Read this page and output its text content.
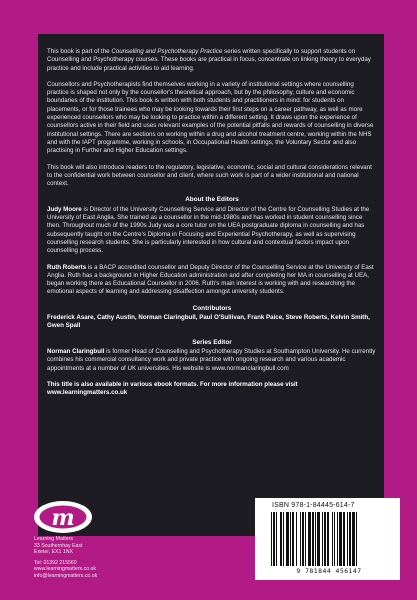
This book is part of the Counselling and Psychotherapy Practice series written specifically to support students on Counselling and Psychotherapy courses. These books are practical in focus, concentrate on linking theory to everyday practice and include practical activities to aid learning.

Counsellors and Psychotherapists find themselves working in a variety of institutional settings where counselling practice is shaped not only by the counsellor's theoretical approach, but by the philosophy, culture and economic boundaries of the institution. This book is written with both students and practitioners in mind: for students on placements, or for those trainees who may be looking towards their first steps on a career pathway, as well as more experienced counsellors who may be looking to practice within a different setting. It draws upon the experience of counsellors active in their field and uses relevant examples of the potential pitfalls and rewards of counselling in diverse institutional settings. There are sections on working within a drug and alcohol treatment centre, working within the NHS and with the IAPT programme, working in schools, in Occupational Health settings, the Voluntary Sector and also practising in Further and Higher Education settings.

This book will also introduce readers to the regulatory, legislative, economic, social and cultural considerations relevant to the confidential work between counsellor and client, where such work is part of a wider institutional and national context.

About the Editors

Judy Moore is Director of the University Counselling Service and Director of the Centre for Counselling Studies at the University of East Anglia. She trained as a counsellor in the mid-1980s and has worked in student counselling since then. Throughout much of the 1990s Judy was a core tutor on the UEA postgraduate diploma in counselling and has subsequently taught on the Centre's Diploma in Focusing and Experiential Psychotherapy, as well as supervising counselling research students. She is particularly interested in how cultural and contextual factors impact upon counselling process.

Ruth Roberts is a BACP accredited counsellor and Deputy Director of the Counselling Service at the University of East Anglia. Ruth has a background in Higher Education administration and after completing her MA in counselling at UEA, began working there as Educational Counsellor in 2006. Ruth's main interest is working with and researching the emotional aspects of learning and addressing disaffection amongst university students.

Contributors

Frederick Asare, Cathy Austin, Norman Claringbull, Paul O'Sullivan, Frank Paice, Steve Roberts, Kelvin Smith, Gwen Spall

Series Editor

Norman Claringbull is former Head of Counselling and Psychotherapy Studies at Southampton University. He currently combines his commercial consultancy work and private practice with ongoing research and various academic appointments at a number of UK universities. His website is www.normanclaringbull.com

This title is also available in various ebook formats. For more information please visit www.learningmatters.co.uk

m
Learning Matters
33 Southernhay East
Exeter, EX1 1NX
Tel: 01392 215560
www.learningmatters.co.uk
info@learningmatters.co.uk
ISBN 978-1-84445-614-7
9 781844 456147
